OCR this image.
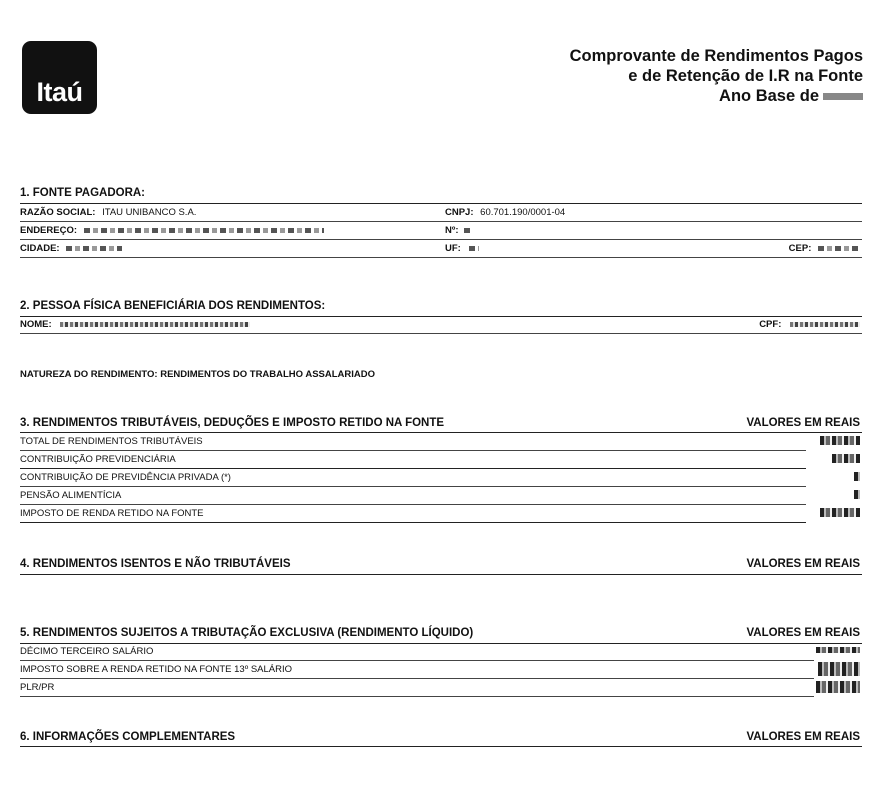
Itaú
Comprovante de Rendimentos Pagos
e de Retenção de I.R na Fonte
Ano Base de
1. FONTE PAGADORA:
RAZÃO SOCIAL: ITAU UNIBANCO S.A.	CNPJ: 60.701.190/0001-04
ENDEREÇO:	Nº:
CIDADE:	UF:	CEP:
2. PESSOA FÍSICA BENEFICIÁRIA DOS RENDIMENTOS:
NOME:	CPF:
NATUREZA DO RENDIMENTO: RENDIMENTOS DO TRABALHO ASSALARIADO
3. RENDIMENTOS TRIBUTÁVEIS, DEDUÇÕES E IMPOSTO RETIDO NA FONTE	VALORES EM REAIS
TOTAL DE RENDIMENTOS TRIBUTÁVEIS
CONTRIBUIÇÃO PREVIDENCIÁRIA
CONTRIBUIÇÃO DE PREVIDÊNCIA PRIVADA (*)
PENSÃO ALIMENTÍCIA
IMPOSTO DE RENDA RETIDO NA FONTE
4. RENDIMENTOS ISENTOS E NÃO TRIBUTÁVEIS	VALORES EM REAIS
5. RENDIMENTOS SUJEITOS A TRIBUTAÇÃO EXCLUSIVA (RENDIMENTO LÍQUIDO)	VALORES EM REAIS
DÉCIMO TERCEIRO SALÁRIO
IMPOSTO SOBRE A RENDA RETIDO NA FONTE 13º SALÁRIO
PLR/PR
6. INFORMAÇÕES COMPLEMENTARES	VALORES EM REAIS
